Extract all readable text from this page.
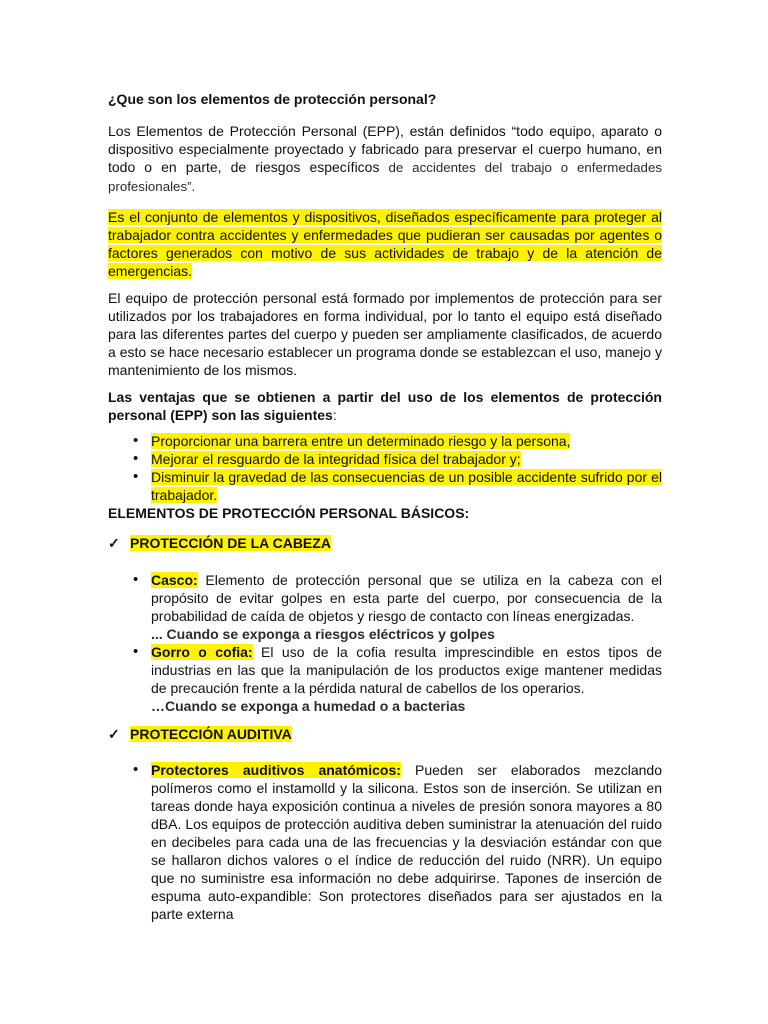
¿Que son los elementos de protección personal?

Los Elementos de Protección Personal (EPP), están definidos “todo equipo, aparato o dispositivo especialmente proyectado y fabricado para preservar el cuerpo humano, en todo o en parte, de riesgos específicos de accidentes del trabajo o enfermedades profesionales”.

Es el conjunto de elementos y dispositivos, diseñados específicamente para proteger al trabajador contra accidentes y enfermedades que pudieran ser causadas por agentes o factores generados con motivo de sus actividades de trabajo y de la atención de emergencias.

El equipo de protección personal está formado por implementos de protección para ser utilizados por los trabajadores en forma individual, por lo tanto el equipo está diseñado para las diferentes partes del cuerpo y pueden ser ampliamente clasificados, de acuerdo a esto se hace necesario establecer un programa donde se establezcan el uso, manejo y mantenimiento de los mismos.

Las ventajas que se obtienen a partir del uso de los elementos de protección personal (EPP) son las siguientes:

• Proporcionar una barrera entre un determinado riesgo y la persona,
• Mejorar el resguardo de la integridad física del trabajador y;
• Disminuir la gravedad de las consecuencias de un posible accidente sufrido por el trabajador.

ELEMENTOS DE PROTECCIÓN PERSONAL BÁSICOS:

✓ PROTECCIÓN DE LA CABEZA
• Casco: Elemento de protección personal que se utiliza en la cabeza con el propósito de evitar golpes en esta parte del cuerpo, por consecuencia de la probabilidad de caída de objetos y riesgo de contacto con líneas energizadas.
... Cuando se exponga a riesgos eléctricos y golpes
• Gorro o cofia: El uso de la cofia resulta imprescindible en estos tipos de industrias en las que la manipulación de los productos exige mantener medidas de precaución frente a la pérdida natural de cabellos de los operarios.
…Cuando se exponga a humedad o a bacterias
✓ PROTECCIÓN AUDITIVA
• Protectores auditivos anatómicos: Pueden ser elaborados mezclando polímeros como el instamolld y la silicona. Estos son de inserción. Se utilizan en tareas donde haya exposición continua a niveles de presión sonora mayores a 80 dBA. Los equipos de protección auditiva deben suministrar la atenuación del ruido en decibeles para cada una de las frecuencias y la desviación estándar con que se hallaron dichos valores o el índice de reducción del ruido (NRR). Un equipo que no suministre esa información no debe adquirirse. Tapones de inserción de espuma auto-expandible: Son protectores diseñados para ser ajustados en la parte externa
